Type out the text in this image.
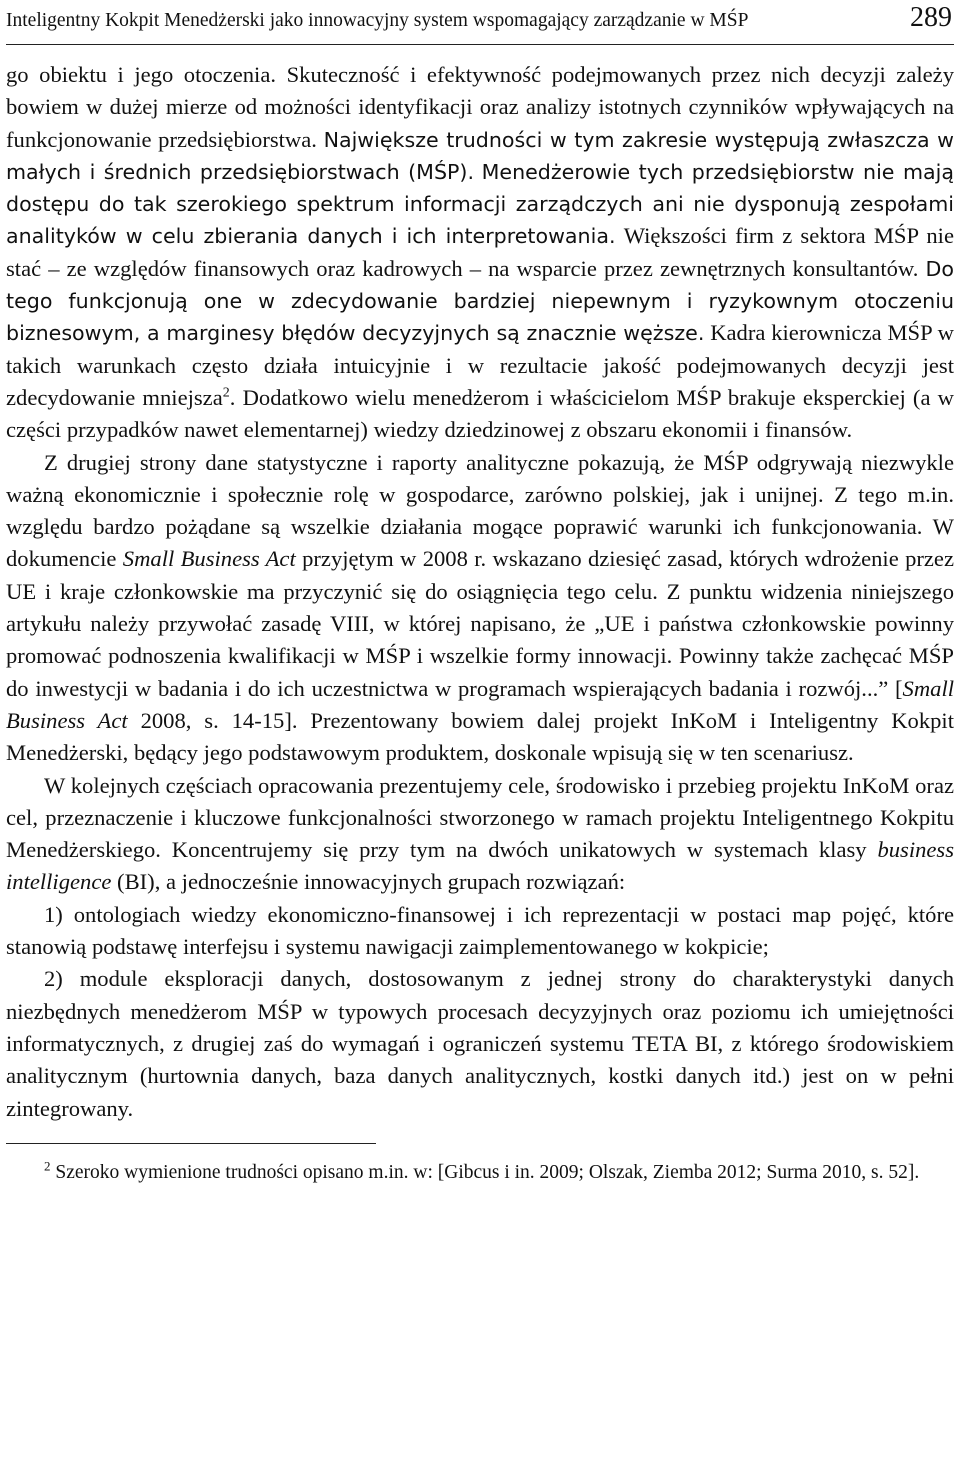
Inteligentny Kokpit Menedżerski jako innowacyjny system wspomagający zarządzanie w MŚP	289

go obiektu i jego otoczenia. Skuteczność i efektywność podejmowanych przez nich decyzji zależy bowiem w dużej mierze od możności identyfikacji oraz analizy istotnych czynników wpływających na funkcjonowanie przedsiębiorstwa. Największe trudności w tym zakresie występują zwłaszcza w małych i średnich przedsiębiorstwach (MŚP). Menedżerowie tych przedsiębiorstw nie mają dostępu do tak szerokiego spektrum informacji zarządczych ani nie dysponują zespołami analityków w celu zbierania danych i ich interpretowania. Większości firm z sektora MŚP nie stać – ze względów finansowych oraz kadrowych – na wsparcie przez zewnętrznych konsultantów. Do tego funkcjonują one w zdecydowanie bardziej niepewnym i ryzykownym otoczeniu biznesowym, a marginesy błędów decyzyjnych są znacznie węższe. Kadra kierownicza MŚP w takich warunkach często działa intuicyjnie i w rezultacie jakość podejmowanych decyzji jest zdecydowanie mniejsza$^2$. Dodatkowo wielu menedżerom i właścicielom MŚP brakuje eksperckiej (a w części przypadków nawet elementarnej) wiedzy dziedzinowej z obszaru ekonomii i finansów.

Z drugiej strony dane statystyczne i raporty analityczne pokazują, że MŚP odgrywają niezwykle ważną ekonomicznie i społecznie rolę w gospodarce, zarówno polskiej, jak i unijnej. Z tego m.in. względu bardzo pożądane są wszelkie działania mogące poprawić warunki ich funkcjonowania. W dokumencie Small Business Act przyjętym w 2008 r. wskazano dziesięć zasad, których wdrożenie przez UE i kraje członkowskie ma przyczynić się do osiągnięcia tego celu. Z punktu widzenia niniejszego artykułu należy przywołać zasadę VIII, w której napisano, że „UE i państwa członkowskie powinny promować podnoszenia kwalifikacji w MŚP i wszelkie formy innowacji. Powinny także zachęcać MŚP do inwestycji w badania i do ich uczestnictwa w programach wspierających badania i rozwój...” [Small Business Act 2008, s. 14-15]. Prezentowany bowiem dalej projekt InKoM i Inteligentny Kokpit Menedżerski, będący jego podstawowym produktem, doskonale wpisują się w ten scenariusz.

W kolejnych częściach opracowania prezentujemy cele, środowisko i przebieg projektu InKoM oraz cel, przeznaczenie i kluczowe funkcjonalności stworzonego w ramach projektu Inteligentnego Kokpitu Menedżerskiego. Koncentrujemy się przy tym na dwóch unikatowych w systemach klasy business intelligence (BI), a jednocześnie innowacyjnych grupach rozwiązań:

1) ontologiach wiedzy ekonomiczno-finansowej i ich reprezentacji w postaci map pojęć, które stanowią podstawę interfejsu i systemu nawigacji zaimplementowanego w kokpicie;

2) module eksploracji danych, dostosowanym z jednej strony do charakterystyki danych niezbędnych menedżerom MŚP w typowych procesach decyzyjnych oraz poziomu ich umiejętności informatycznych, z drugiej zaś do wymagań i ograniczeń systemu TETA BI, z którego środowiskiem analitycznym (hurtownia danych, baza danych analitycznych, kostki danych itd.) jest on w pełni zintegrowany.

$^2$ Szeroko wymienione trudności opisano m.in. w: [Gibcus i in. 2009; Olszak, Ziemba 2012; Surma 2010, s. 52].
